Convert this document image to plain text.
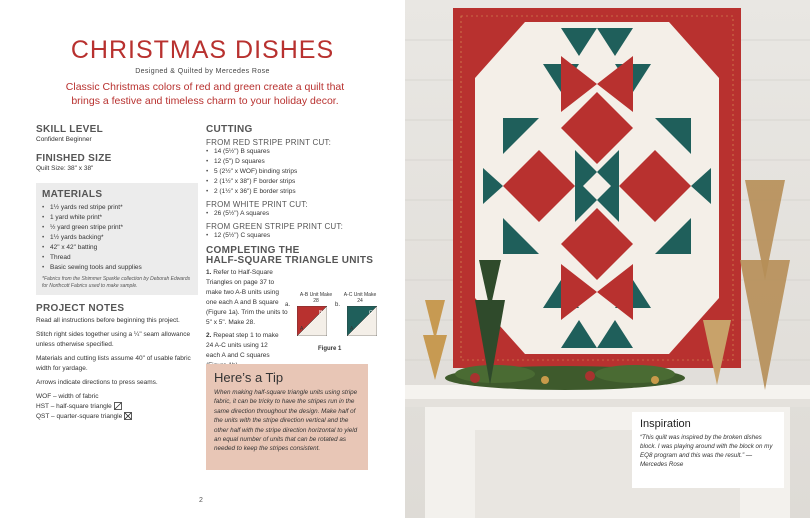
CHRISTMAS DISHES
Designed & Quilted by Mercedes Rose
Classic Christmas colors of red and green create a quilt that brings a festive and timeless charm to your holiday decor.
SKILL LEVEL
Confident Beginner
FINISHED SIZE
Quilt Size: 38" x 38"
MATERIALS
• 1½ yards red stripe print*
• 1 yard white print*
• ½ yard green stripe print*
• 1½ yards backing*
• 42" x 42" batting
• Thread
• Basic sewing tools and supplies
*Fabrics from the Shimmer Sparkle collection by Deborah Edwards for Northcott Fabrics used to make sample.
PROJECT NOTES
Read all instructions before beginning this project.
Stitch right sides together using a ¼" seam allowance unless otherwise specified.
Materials and cutting lists assume 40" of usable fabric width for yardage.
Arrows indicate directions to press seams.
WOF – width of fabric
HST – half-square triangle
QST – quarter-square triangle
CUTTING
FROM RED STRIPE PRINT CUT:
• 14 (5½") B squares
• 12 (5") D squares
• 5 (2½" x WOF) binding strips
• 2 (1½" x 38") F border strips
• 2 (1½" x 36") E border strips
FROM WHITE PRINT CUT:
• 26 (5½") A squares
FROM GREEN STRIPE PRINT CUT:
• 12 (5½") C squares
COMPLETING THE
HALF-SQUARE TRIANGLE UNITS
1. Refer to Half-Square Triangles on page 37 to make two A-B units using one each A and B square (Figure 1a). Trim the units to 5" x 5". Make 28.
2. Repeat step 1 to make 24 A-C units using 12 each A and C squares
a.
A-B Unit Make 28
B
A
b.
A-C Unit Make 24
C
A
Figure 1
Here’s a Tip

When making half-square triangle units using stripe fabric, it can be tricky to have the stripes run in the same direction throughout the design. Make half of the units with the stripe direction vertical and the other half with the stripe direction horizontal to yield an equal number of units that can be rotated as needed to keep the stripes consistent.

2
Inspiration

“This quilt was inspired by the broken dishes block. I was playing around with the block on my EQ8 program and this was the result.” —Mercedes Rose
